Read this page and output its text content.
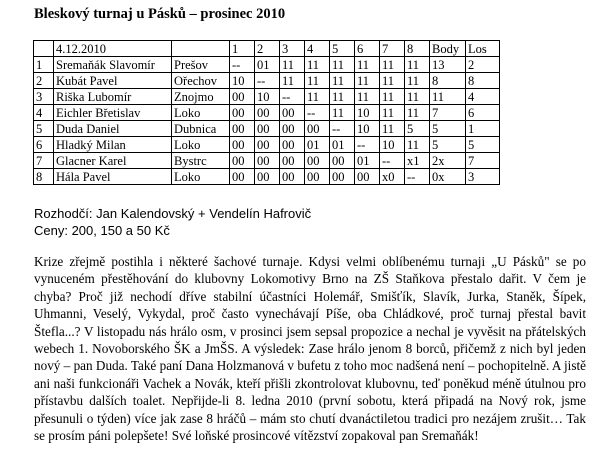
Bleskový turnaj u Pásků – prosinec 2010
	4.12.2010		1	2	3	4	5	6	7	8	Body	Los
1	Sremaňák Slavomír	Prešov	--	01	11	11	11	11	11	11	13	2
2	Kubát Pavel	Ořechov	10	--	11	11	11	11	11	11	8	8
3	Riška Lubomír	Znojmo	00	10	--	11	11	11	11	11	11	4
4	Eichler Břetislav	Loko	00	00	00	--	11	10	11	11	7	6
5	Duda Daniel	Dubnica	00	00	00	00	--	10	11	5	5	1
6	Hladký Milan	Loko	00	00	00	01	01	--	10	11	5	5
7	Glacner Karel	Bystrc	00	00	00	00	00	01	--	x1	2x	7
8	Hála Pavel	Loko	00	00	00	00	00	00	x0	--	0x	3
Rozhodčí: Jan Kalendovský + Vendelín Hafrovič
Ceny: 200, 150 a 50 Kč
Krize zřejmě postihla i některé šachové turnaje. Kdysi velmi oblíbenému turnaji „U Pásků" se po vynuceném přestěhování do klubovny Lokomotivy Brno na ZŠ Staňkova přestalo dařit. V čem je chyba? Proč již nechodí dříve stabilní účastníci Holemář, Smišťík, Slavík, Jurka, Staněk, Šípek, Uhmanni, Veselý, Vykydal, proč často vynechávají Píše, oba Chládkové, proč turnaj přestal bavit Štefla...? V listopadu nás hrálo osm, v prosinci jsem sepsal propozice a nechal je vyvěsit na přátelských webech 1. Novoborského ŠK a JmŠS. A výsledek: Zase hrálo jenom 8 borců, přičemž z nich byl jeden nový – pan Duda. Také paní Dana Holzmanová v bufetu z toho moc nadšená není – pochopitelně. A jistě ani naši funkcionáři Vachek a Novák, kteří přišli zkontrolovat klubovnu, teď poněkud méně útulnou pro přístavbu dalších toalet. Nepřijde-li 8. ledna 2010 (první sobotu, která připadá na Nový rok, jsme přesunuli o týden) více jak zase 8 hráčů – mám sto chutí dvanáctiletou tradici pro nezájem zrušit… Tak se prosím páni polepšete! Své loňské prosincové vítězství zopakoval pan Sremaňák!
